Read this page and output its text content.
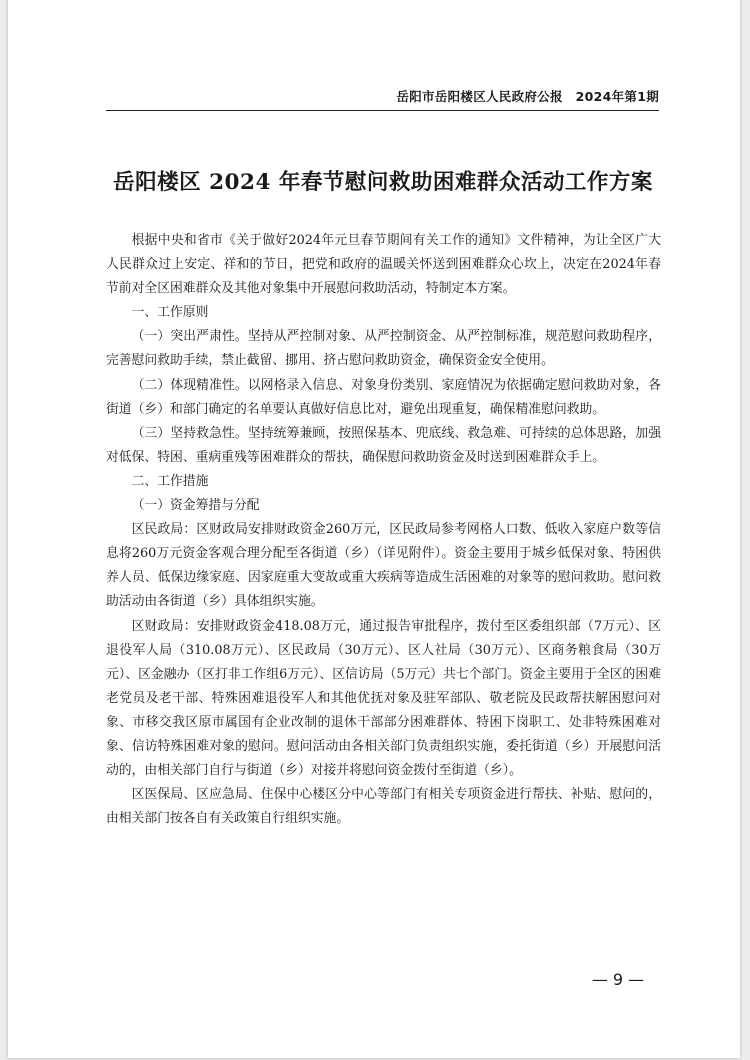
岳阳市岳阳楼区人民政府公报　2024年第1期
岳阳楼区 2024 年春节慰问救助困难群众活动工作方案

根据中央和省市《关于做好2024年元旦春节期间有关工作的通知》文件精神，为让全区广大人民群众过上安定、祥和的节日，把党和政府的温暖关怀送到困难群众心坎上，决定在2024年春节前对全区困难群众及其他对象集中开展慰问救助活动，特制定本方案。

一、工作原则

（一）突出严肃性。坚持从严控制对象、从严控制资金、从严控制标准，规范慰问救助程序，完善慰问救助手续，禁止截留、挪用、挤占慰问救助资金，确保资金安全使用。

（二）体现精准性。以网格录入信息、对象身份类别、家庭情况为依据确定慰问救助对象，各街道（乡）和部门确定的名单要认真做好信息比对，避免出现重复，确保精准慰问救助。

（三）坚持救急性。坚持统筹兼顾，按照保基本、兜底线、救急难、可持续的总体思路，加强对低保、特困、重病重残等困难群众的帮扶，确保慰问救助资金及时送到困难群众手上。

二、工作措施

（一）资金筹措与分配

区民政局：区财政局安排财政资金260万元，区民政局参考网格人口数、低收入家庭户数等信息将260万元资金客观合理分配至各街道（乡）（详见附件）。资金主要用于城乡低保对象、特困供养人员、低保边缘家庭、因家庭重大变故或重大疾病等造成生活困难的对象等的慰问救助。慰问救助活动由各街道（乡）具体组织实施。

区财政局：安排财政资金418.08万元，通过报告审批程序，拨付至区委组织部（7万元）、区退役军人局（310.08万元）、区民政局（30万元）、区人社局（30万元）、区商务粮食局（30万元）、区金融办（区打非工作组6万元）、区信访局（5万元）共七个部门。资金主要用于全区的困难老党员及老干部、特殊困难退役军人和其他优抚对象及驻军部队、敬老院及民政帮扶解困慰问对象、市移交我区原市属国有企业改制的退休干部部分困难群体、特困下岗职工、处非特殊困难对象、信访特殊困难对象的慰问。慰问活动由各相关部门负责组织实施，委托街道（乡）开展慰问活动的，由相关部门自行与街道（乡）对接并将慰问资金拨付至街道（乡）。

区医保局、区应急局、住保中心楼区分中心等部门有相关专项资金进行帮扶、补贴、慰问的，由相关部门按各自有关政策自行组织实施。

— 9 —
